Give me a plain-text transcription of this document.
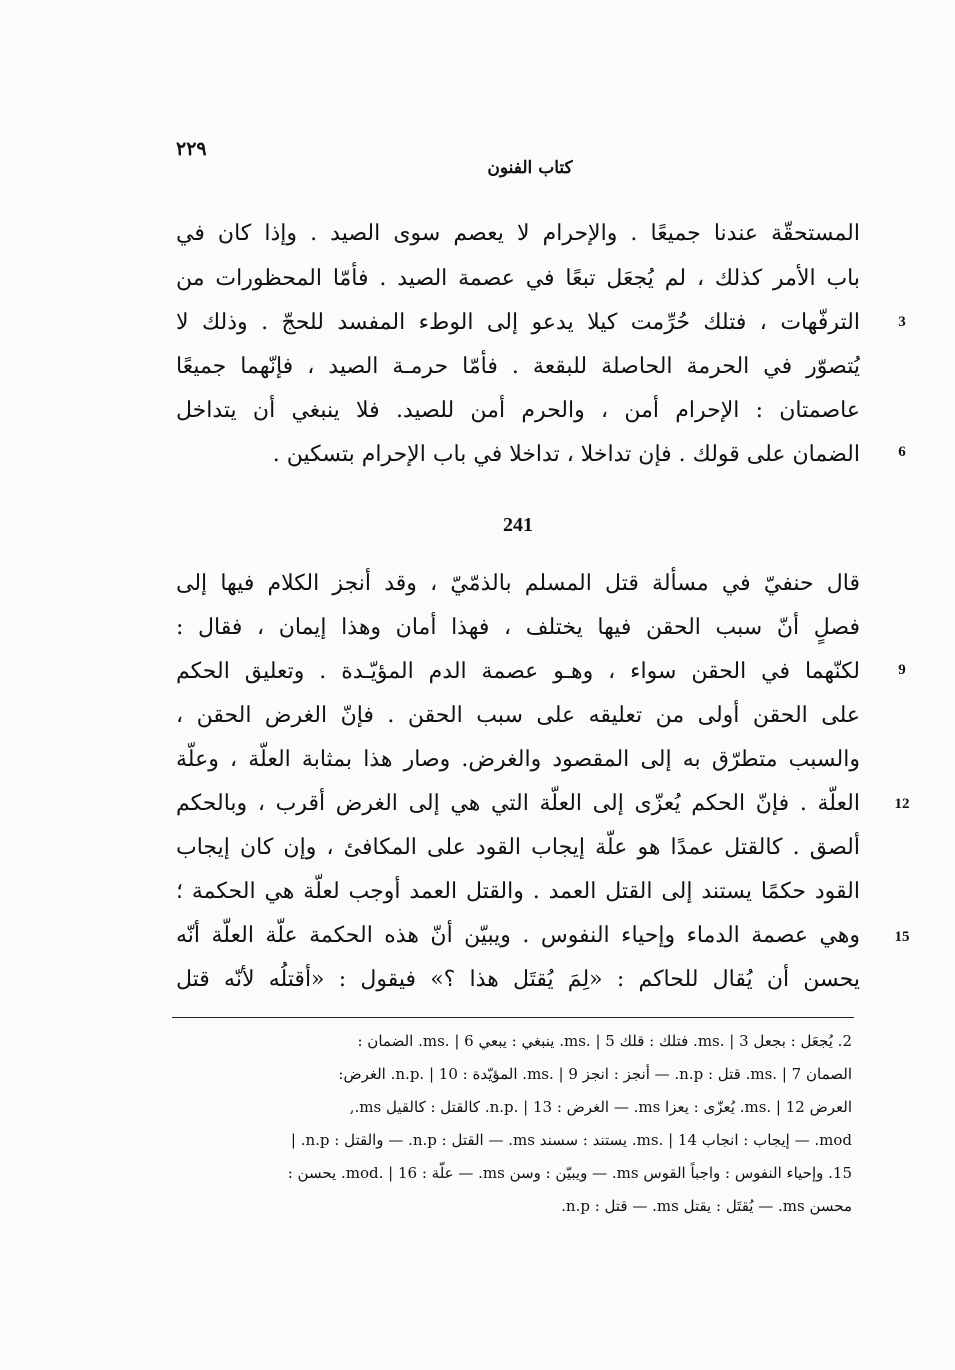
٢٢٩
كتاب الفنون
المستحقّة عندنا جميعًا . والإحرام لا يعصم سوى الصيد . وإذا كان في
باب الأمر كذلك ، لم يُجعَل تبعًا في عصمة الصيد . فأمّا المحظورات من
الترفّهات ، فتلك حُرِّمت كيلا يدعو إلى الوطء المفسد للحجّ . وذلك لا	3
يُتصوّر في الحرمة الحاصلة للبقعة . فأمّا حرمـة الصيد ، فإنّهما جميعًا
عاصمتان : الإحرام أمن ، والحرم أمن للصيد. فلا ينبغي أن يتداخل
الضمان على قولك . فإن تداخلا ، تداخلا في باب الإحرام بتسكين .	6
241
قال حنفيّ في مسألة قتل المسلم بالذمّيّ ، وقد أنجز الكلام فيها إلى
فصلٍ أنّ سبب الحقن فيها يختلف ، فهذا أمان وهذا إيمان ، فقال :
لكنّهما في الحقن سواء ، وهـو عصمة الدم المؤيّـدة . وتعليق الحكم	9
على الحقن أولى من تعليقه على سبب الحقن . فإنّ الغرض الحقن ،
والسبب متطرّق به إلى المقصود والغرض. وصار هذا بمثابة العلّة ، وعلّة
العلّة . فإنّ الحكم يُعزّى إلى العلّة التي هي إلى الغرض أقرب ، وبالحكم	12
ألصق . كالقتل عمدًا هو علّة إيجاب القود على المكافئ ، وإن كان إيجاب
القود حكمًا يستند إلى القتل العمد . والقتل العمد أوجب لعلّة هي الحكمة ؛
وهي عصمة الدماء وإحياء النفوس . ويبيّن أنّ هذه الحكمة علّة العلّة أنّه	15
يحسن أن يُقال للحاكم : «لِمَ يُقتَل هذا ؟» فيقول : «أقتلُه لأنّه قتل
2. يُجعَل : بجعل ms. | 3. فتلك : قلك ms. | 5. ينبغي : يبعي ms. | 6. الضمان :
الصمان ms. | 7. قتل : n.p. — أنجز : انجز ms. | 9. المؤيّدة : n.p. | 10. الغرض:
العرض ms. | 12. يُعزّى : يعزا ms. — الغرض : n.p. | 13. كالقتل : كالقيل ms.,
mod. — إيجاب : انجاب ms. | 14. يستند : سسند ms. — القتل : n.p. — والقتل : n.p. |
15. وإحياء النفوس : واجباً القوس ms. — ويبيّن : وسن ms. — علّة : mod. | 16. يحسن :
محسن ms. — يُقتَل : يقتل ms. — قتل : n.p.
